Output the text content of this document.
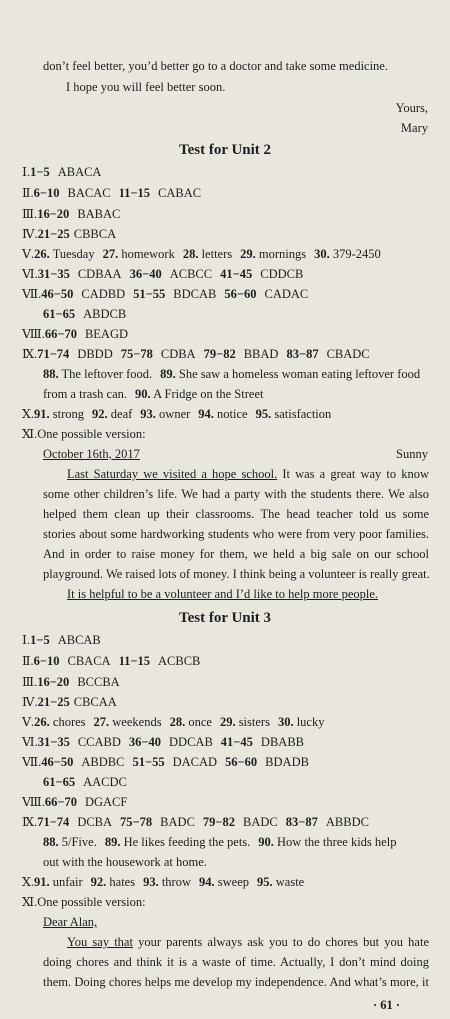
don’t feel better, you’d better go to a doctor and take some medicine.
I hope you will feel better soon.
Yours,
Mary
Test for Unit 2
Ⅰ.1−5 ABACA
Ⅱ.6−10 BACAC 11−15 CABAC
Ⅲ.16−20 BABAC
Ⅳ.21−25 CBBCA
Ⅴ.26. Tuesday 27. homework 28. letters 29. mornings 30. 379-2450
Ⅵ.31−35 CDBAA 36−40 ACBCC 41−45 CDDCB
Ⅶ.46−50 CADBD 51−55 BDCAB 56−60 CADAC
61−65 ABDCB
Ⅷ.66−70 BEAGD
Ⅸ.71−74 DBDD 75−78 CDBA 79−82 BBAD 83−87 CBADC
88. The leftover food. 89. She saw a homeless woman eating leftover food
from a trash can. 90. A Fridge on the Street
Ⅹ.91. strong 92. deaf 93. owner 94. notice 95. satisfaction
Ⅺ.One possible version:
October 16th, 2017	Sunny
Last Saturday we visited a hope school. It was a great way to know
some other children’s life. We had a party with the students there. We also
helped them clean up their classrooms. The head teacher told us some
stories about some hardworking students who were from very poor families.
And in order to raise money for them, we held a big sale on our school
playground. We raised lots of money. I think being a volunteer is really great.
It is helpful to be a volunteer and I’d like to help more people.
Test for Unit 3
Ⅰ.1−5 ABCAB
Ⅱ.6−10 CBACA 11−15 ACBCB
Ⅲ.16−20 BCCBA
Ⅳ.21−25 CBCAA
Ⅴ.26. chores 27. weekends 28. once 29. sisters 30. lucky
Ⅵ.31−35 CCABD 36−40 DDCAB 41−45 DBABB
Ⅶ.46−50 ABDBC 51−55 DACAD 56−60 BDADB
61−65 AACDC
Ⅷ.66−70 DGACF
Ⅸ.71−74 DCBA 75−78 BADC 79−82 BADC 83−87 ABBDC
88. 5/Five. 89. He likes feeding the pets. 90. How the three kids help
out with the housework at home.
Ⅹ.91. unfair 92. hates 93. throw 94. sweep 95. waste
Ⅺ.One possible version:
Dear Alan,
You say that your parents always ask you to do chores but you hate
doing chores and think it is a waste of time. Actually, I don’t mind doing
them. Doing chores helps me develop my independence. And what’s more, it
· 61 ·
